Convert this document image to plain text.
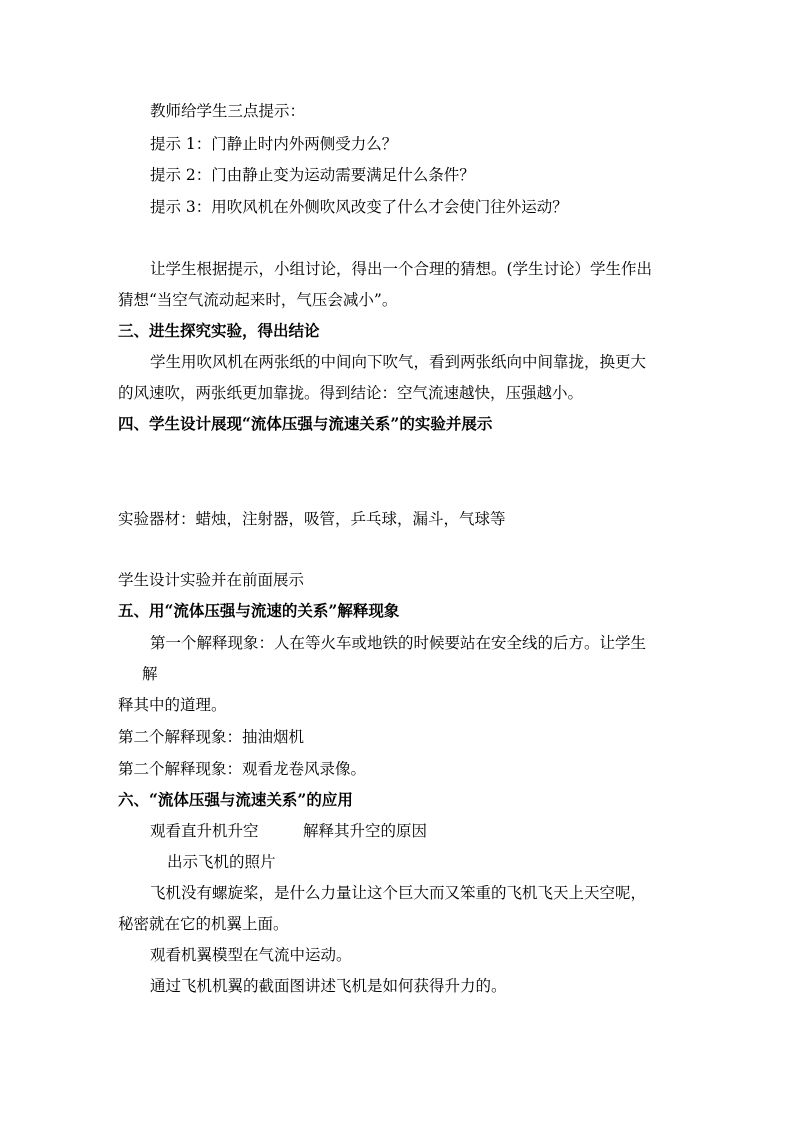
教师给学生三点提示：
提示 1：门静止时内外两侧受力么？
提示 2：门由静止变为运动需要满足什么条件？
提示 3：用吹风机在外侧吹风改变了什么才会使门往外运动？
让学生根据提示，小组讨论，得出一个合理的猜想。(学生讨论）学生作出
猜想“当空气流动起来时，气压会减小”。
三、进生探究实验，得出结论
学生用吹风机在两张纸的中间向下吹气，看到两张纸向中间靠拢，换更大
的风速吹，两张纸更加靠拢。得到结论：空气流速越快，压强越小。
四、学生设计展现“流体压强与流速关系”的实验并展示
实验器材：蜡烛，注射器，吸管，乒乓球，漏斗，气球等
学生设计实验并在前面展示
五、用“流体压强与流速的关系”解释现象
第一个解释现象：人在等火车或地铁的时候要站在安全线的后方。让学生
解
释其中的道理。
第二个解释现象：抽油烟机
第二个解释现象：观看龙卷风录像。
六、“流体压强与流速关系”的应用
观看直升机升空	解释其升空的原因
出示飞机的照片
飞机没有螺旋桨，是什么力量让这个巨大而又笨重的飞机飞天上天空呢，
秘密就在它的机翼上面。
观看机翼模型在气流中运动。
通过飞机机翼的截面图讲述飞机是如何获得升力的。
